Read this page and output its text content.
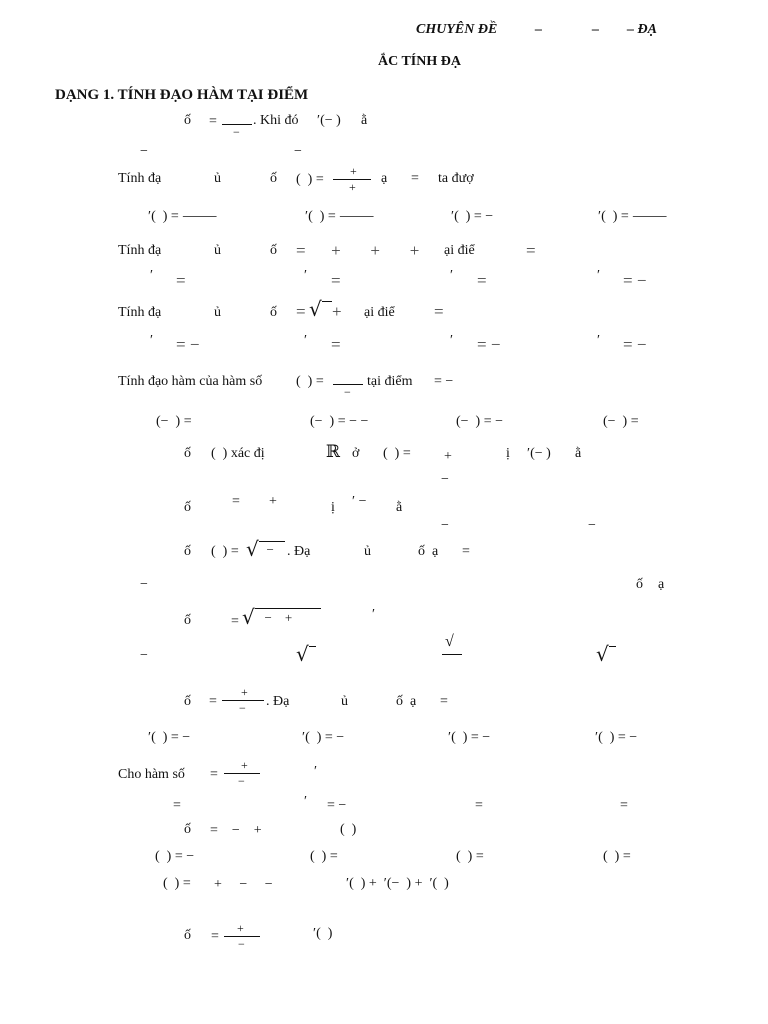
CHUYÊN ĐỀ	–	– – ĐẠ
ẮC TÍNH ĐẠ
DẠNG 1. TÍNH ĐẠO HÀM TẠI ĐIỂM
ố =
−
. Khi đó ′(− ) ằ
−	−
Tính đạ	ủ	ố (  ) =
+
+
ạ = ta đượ
′(  ) = ⸻	′(  ) = ⸻	′(  ) = −	′(  ) = ⸻
Tính đạ	ủ	ố =      +       +       + ại điể	=
′ =	′ =	′ =	′ = −
Tính đạ	ủ	ố = √ + ại điể =
′ = −	′ =	′ = −	′ = −
Tính đạo hàm của hàm số (  ) =
−
tại điểm = −
(−  ) =	(−  ) = − −	(−  ) = −	(−  ) =
ố (  ) xác đị	ℝ ở (  ) = +	ị ′(− ) ằ
−
ố	= +	ị ′ − ằ
−	−
ố (  ) = √ − . Đạ	ủ	ố  ạ =
−	ố ạ
ố	= √ −    +	′
−	√
√
√
ố =
+
− . Đạ	ủ	ố  ạ =
′(  ) = −	′(  ) = −	′(  ) = −	′(  ) = −
Cho hàm số =
+
−
′
=	′ = −	=	=
ố =    −    +	(  )
(  ) = −	(  ) =	(  ) =	(  ) =
(  ) = +     −     −	′(  ) +  ′(−  ) +  ′(  )
ố =
+
−
′(  )
